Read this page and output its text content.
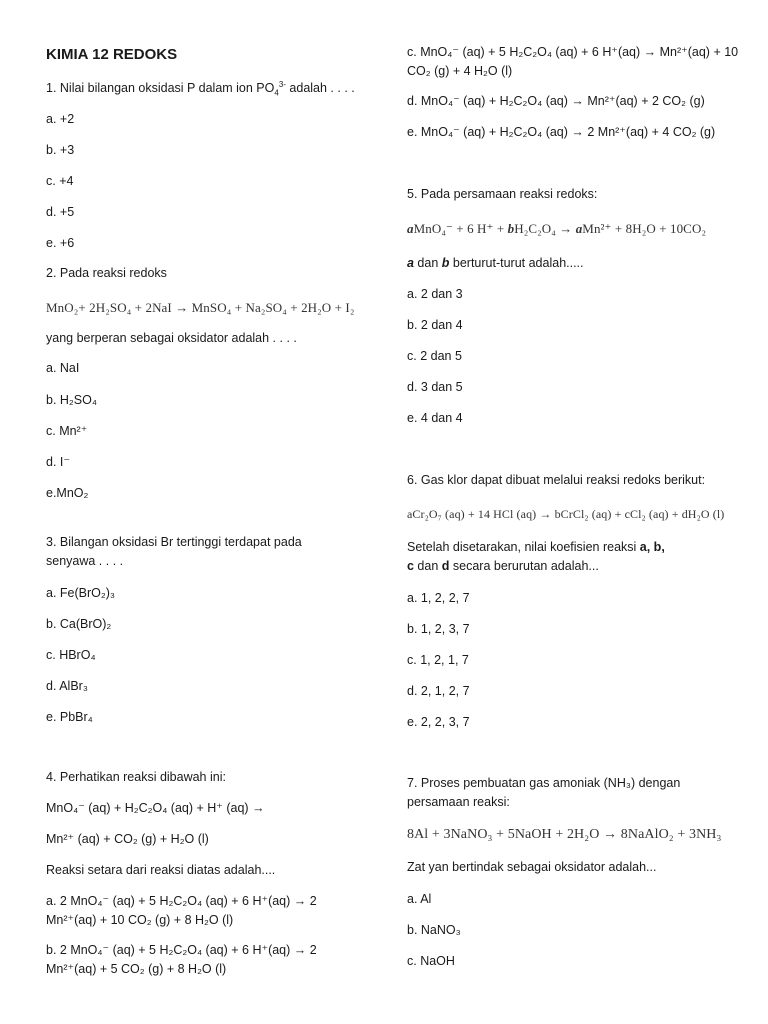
KIMIA 12 REDOKS
1. Nilai bilangan oksidasi P dalam ion $PO_4^{3-}$ adalah . . . .
a. +2
b. +3
c. +4
d. +5
e. +6
2. Pada reaksi redoks
MnO₂+ 2H₂SO₄ + 2NaI → MnSO₄ + Na₂SO₄ + 2H₂O + I₂
yang berperan sebagai oksidator adalah . . . .
a. NaI
b. H₂SO₄
c. Mn²⁺
d. I⁻
e.MnO₂
3. Bilangan oksidasi Br tertinggi terdapat pada senyawa . . . .
a. Fe(BrO₂)₃
b. Ca(BrO)₂
c. HBrO₄
d. AlBr₃
e. PbBr₄
4. Perhatikan reaksi dibawah ini:
MnO₄⁻ (aq) + H₂C₂O₄ (aq) + H⁺ (aq) →
Mn²⁺ (aq) + CO₂ (g) + H₂O (l)
Reaksi setara dari reaksi diatas adalah....
a. 2 MnO₄⁻ (aq) + 5 H₂C₂O₄ (aq) + 6 H⁺(aq) → 2 Mn²⁺(aq) + 10 CO₂ (g) + 8 H₂O (l)
b. 2 MnO₄⁻ (aq) + 5 H₂C₂O₄ (aq) + 6 H⁺(aq) → 2 Mn²⁺(aq) + 5 CO₂ (g) + 8 H₂O (l)
c. MnO₄⁻ (aq) + 5 H₂C₂O₄ (aq) + 6 H⁺(aq) → Mn²⁺(aq) + 10 CO₂ (g) + 4 H₂O (l)
d. MnO₄⁻ (aq) + H₂C₂O₄ (aq) → Mn²⁺(aq) + 2 CO₂ (g)
e. MnO₄⁻ (aq) + H₂C₂O₄ (aq) → 2 Mn²⁺(aq) + 4 CO₂ (g)
5. Pada persamaan reaksi redoks:
aMnO₄⁻ + 6 H⁺ + bH₂C₂O₄ → aMn²⁺ + 8H₂O + 10CO₂
a dan b berturut-turut adalah.....
a. 2 dan 3
b. 2 dan 4
c. 2 dan 5
d. 3 dan 5
e. 4 dan 4
6. Gas klor dapat dibuat melalui reaksi redoks berikut:
aCr₂O₇ (aq) + 14 HCl (aq) → bCrCl₂ (aq) + cCl₂ (aq) + dH₂O (l)
Setelah disetarakan, nilai koefisien reaksi a, b,
c dan d secara berurutan adalah...
a. 1, 2, 2, 7
b. 1, 2, 3, 7
c. 1, 2, 1, 7
d. 2, 1, 2, 7
e. 2, 2, 3, 7
7. Proses pembuatan gas amoniak (NH₃) dengan persamaan reaksi:
8Al + 3NaNO₃ + 5NaOH + 2H₂O → 8NaAlO₂ + 3NH₃
Zat yan bertindak sebagai oksidator adalah...
a. Al
b. NaNO₃
c. NaOH
